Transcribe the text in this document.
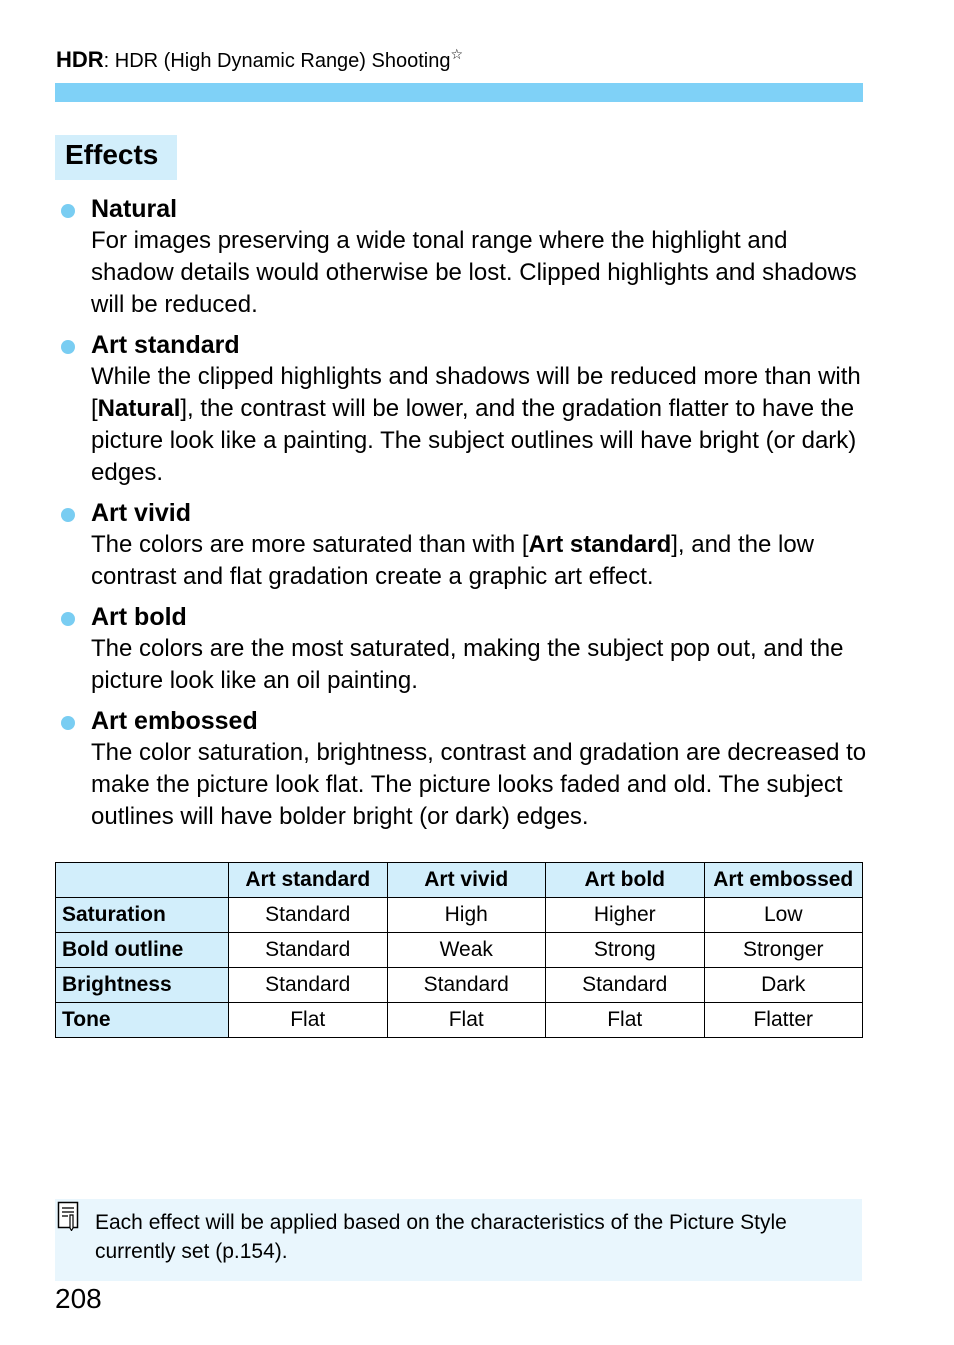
HDR: HDR (High Dynamic Range) Shooting☆
Effects
Natural
For images preserving a wide tonal range where the highlight and shadow details would otherwise be lost. Clipped highlights and shadows will be reduced.
Art standard
While the clipped highlights and shadows will be reduced more than with [Natural], the contrast will be lower, and the gradation flatter to have the picture look like a painting. The subject outlines will have bright (or dark) edges.
Art vivid
The colors are more saturated than with [Art standard], and the low contrast and flat gradation create a graphic art effect.
Art bold
The colors are the most saturated, making the subject pop out, and the picture look like an oil painting.
Art embossed
The color saturation, brightness, contrast and gradation are decreased to make the picture look flat. The picture looks faded and old. The subject outlines will have bolder bright (or dark) edges.
	Art standard	Art vivid	Art bold	Art embossed
Saturation	Standard	High	Higher	Low
Bold outline	Standard	Weak	Strong	Stronger
Brightness	Standard	Standard	Standard	Dark
Tone	Flat	Flat	Flat	Flatter
Each effect will be applied based on the characteristics of the Picture Style currently set (p.154).
208
